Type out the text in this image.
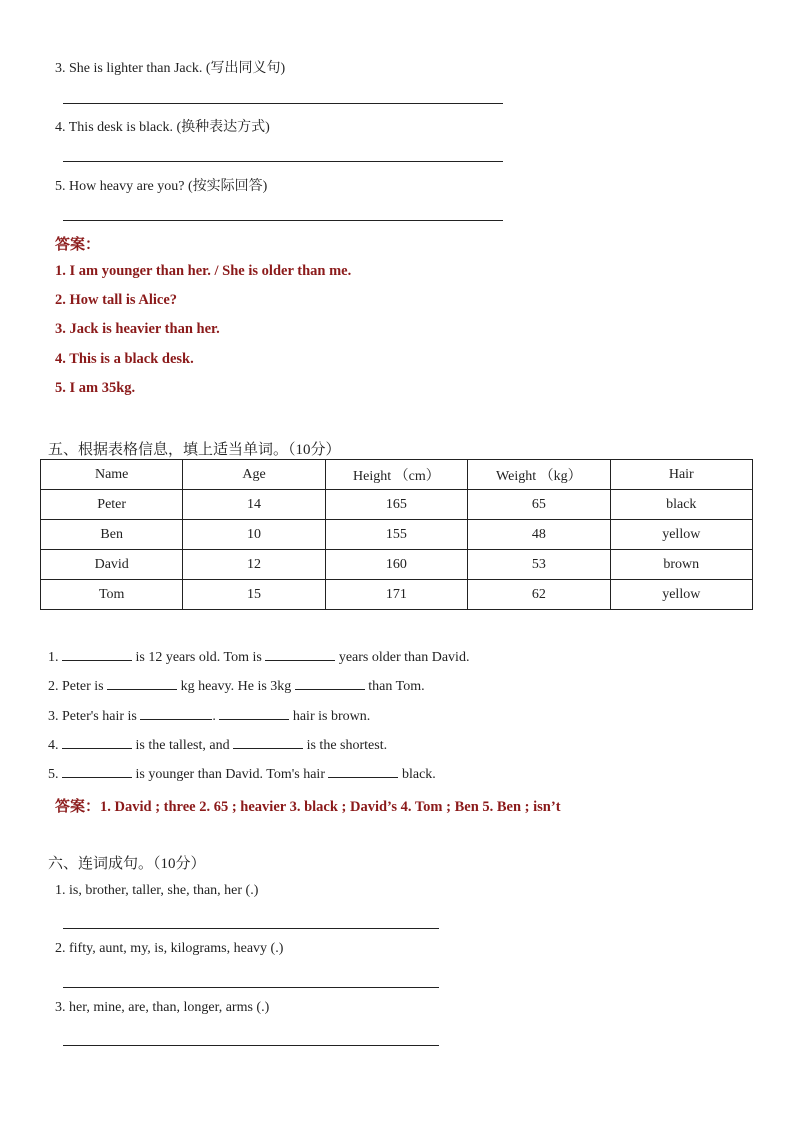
3. She is lighter than Jack. (写出同义句)
4. This desk is black. (换种表达方式)
5. How heavy are you? (按实际回答)
答案：
1. I am younger than her. / She is older than me.
2. How tall is Alice?
3. Jack is heavier than her.
4. This is a black desk.
5. I am 35kg.
五、根据表格信息，填上适当单词。（10分）
Name	Age	Height （cm）	Weight （kg）	Hair
Peter	14	165	65	black
Ben	10	155	48	yellow
David	12	160	53	brown
Tom	15	171	62	yellow
1.	is 12 years old. Tom is	years older than David.
2. Peter is	kg heavy. He is 3kg	than Tom.
3. Peter's hair is	.	hair is brown.
4.	is the tallest, and	is the shortest.
5.	is younger than David. Tom's hair	black.
答案：1. David ; three 2. 65 ; heavier 3. black ; David’s 4. Tom ; Ben 5. Ben ; isn’t
六、连词成句。（10分）
1. is, brother, taller, she, than, her (.)
2. fifty, aunt, my, is, kilograms, heavy (.)
3. her, mine, are, than, longer, arms (.)
